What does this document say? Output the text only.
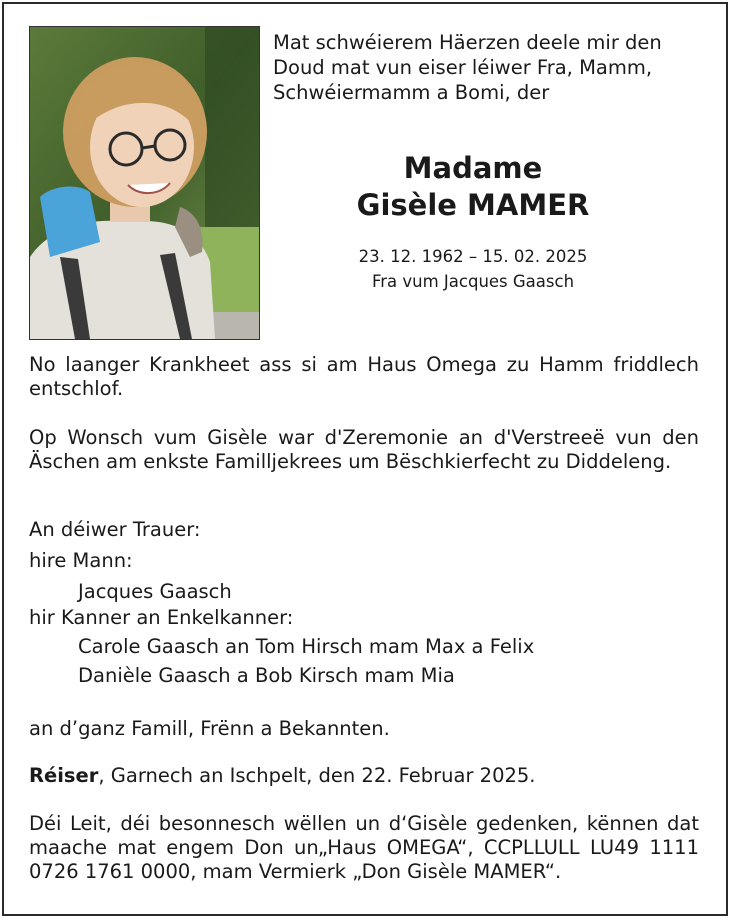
Mat schwéierem Häerzen deele mir den Doud mat vun eiser léiwer Fra, Mamm, Schwéiermamm a Bomi, der

Madame
Gisèle MAMER
23. 12. 1962 – 15. 02. 2025
Fra vum Jacques Gaasch

No laanger Krankheet ass si am Haus Omega zu Hamm friddlech entschlof.

Op Wonsch vum Gisèle war d'Zeremonie an d'Verstreeë vun den Äschen am enkste Familljekrees um Bëschkierfecht zu Diddeleng.

An déiwer Trauer:

hire Mann:

Jacques Gaasch

hir Kanner an Enkelkanner:

Carole Gaasch an Tom Hirsch mam Max a Felix

Danièle Gaasch a Bob Kirsch mam Mia

an d’ganz Famill, Frënn a Bekannten.

Réiser, Garnech an Ischpelt, den 22. Februar 2025.

Déi Leit, déi besonnesch wëllen un d‘Gisèle gedenken, kënnen dat maache mat engem Don un„Haus OMEGA“, CCPLLULL LU49 1111 0726 1761 0000, mam Vermierk „Don Gisèle MAMER“.
